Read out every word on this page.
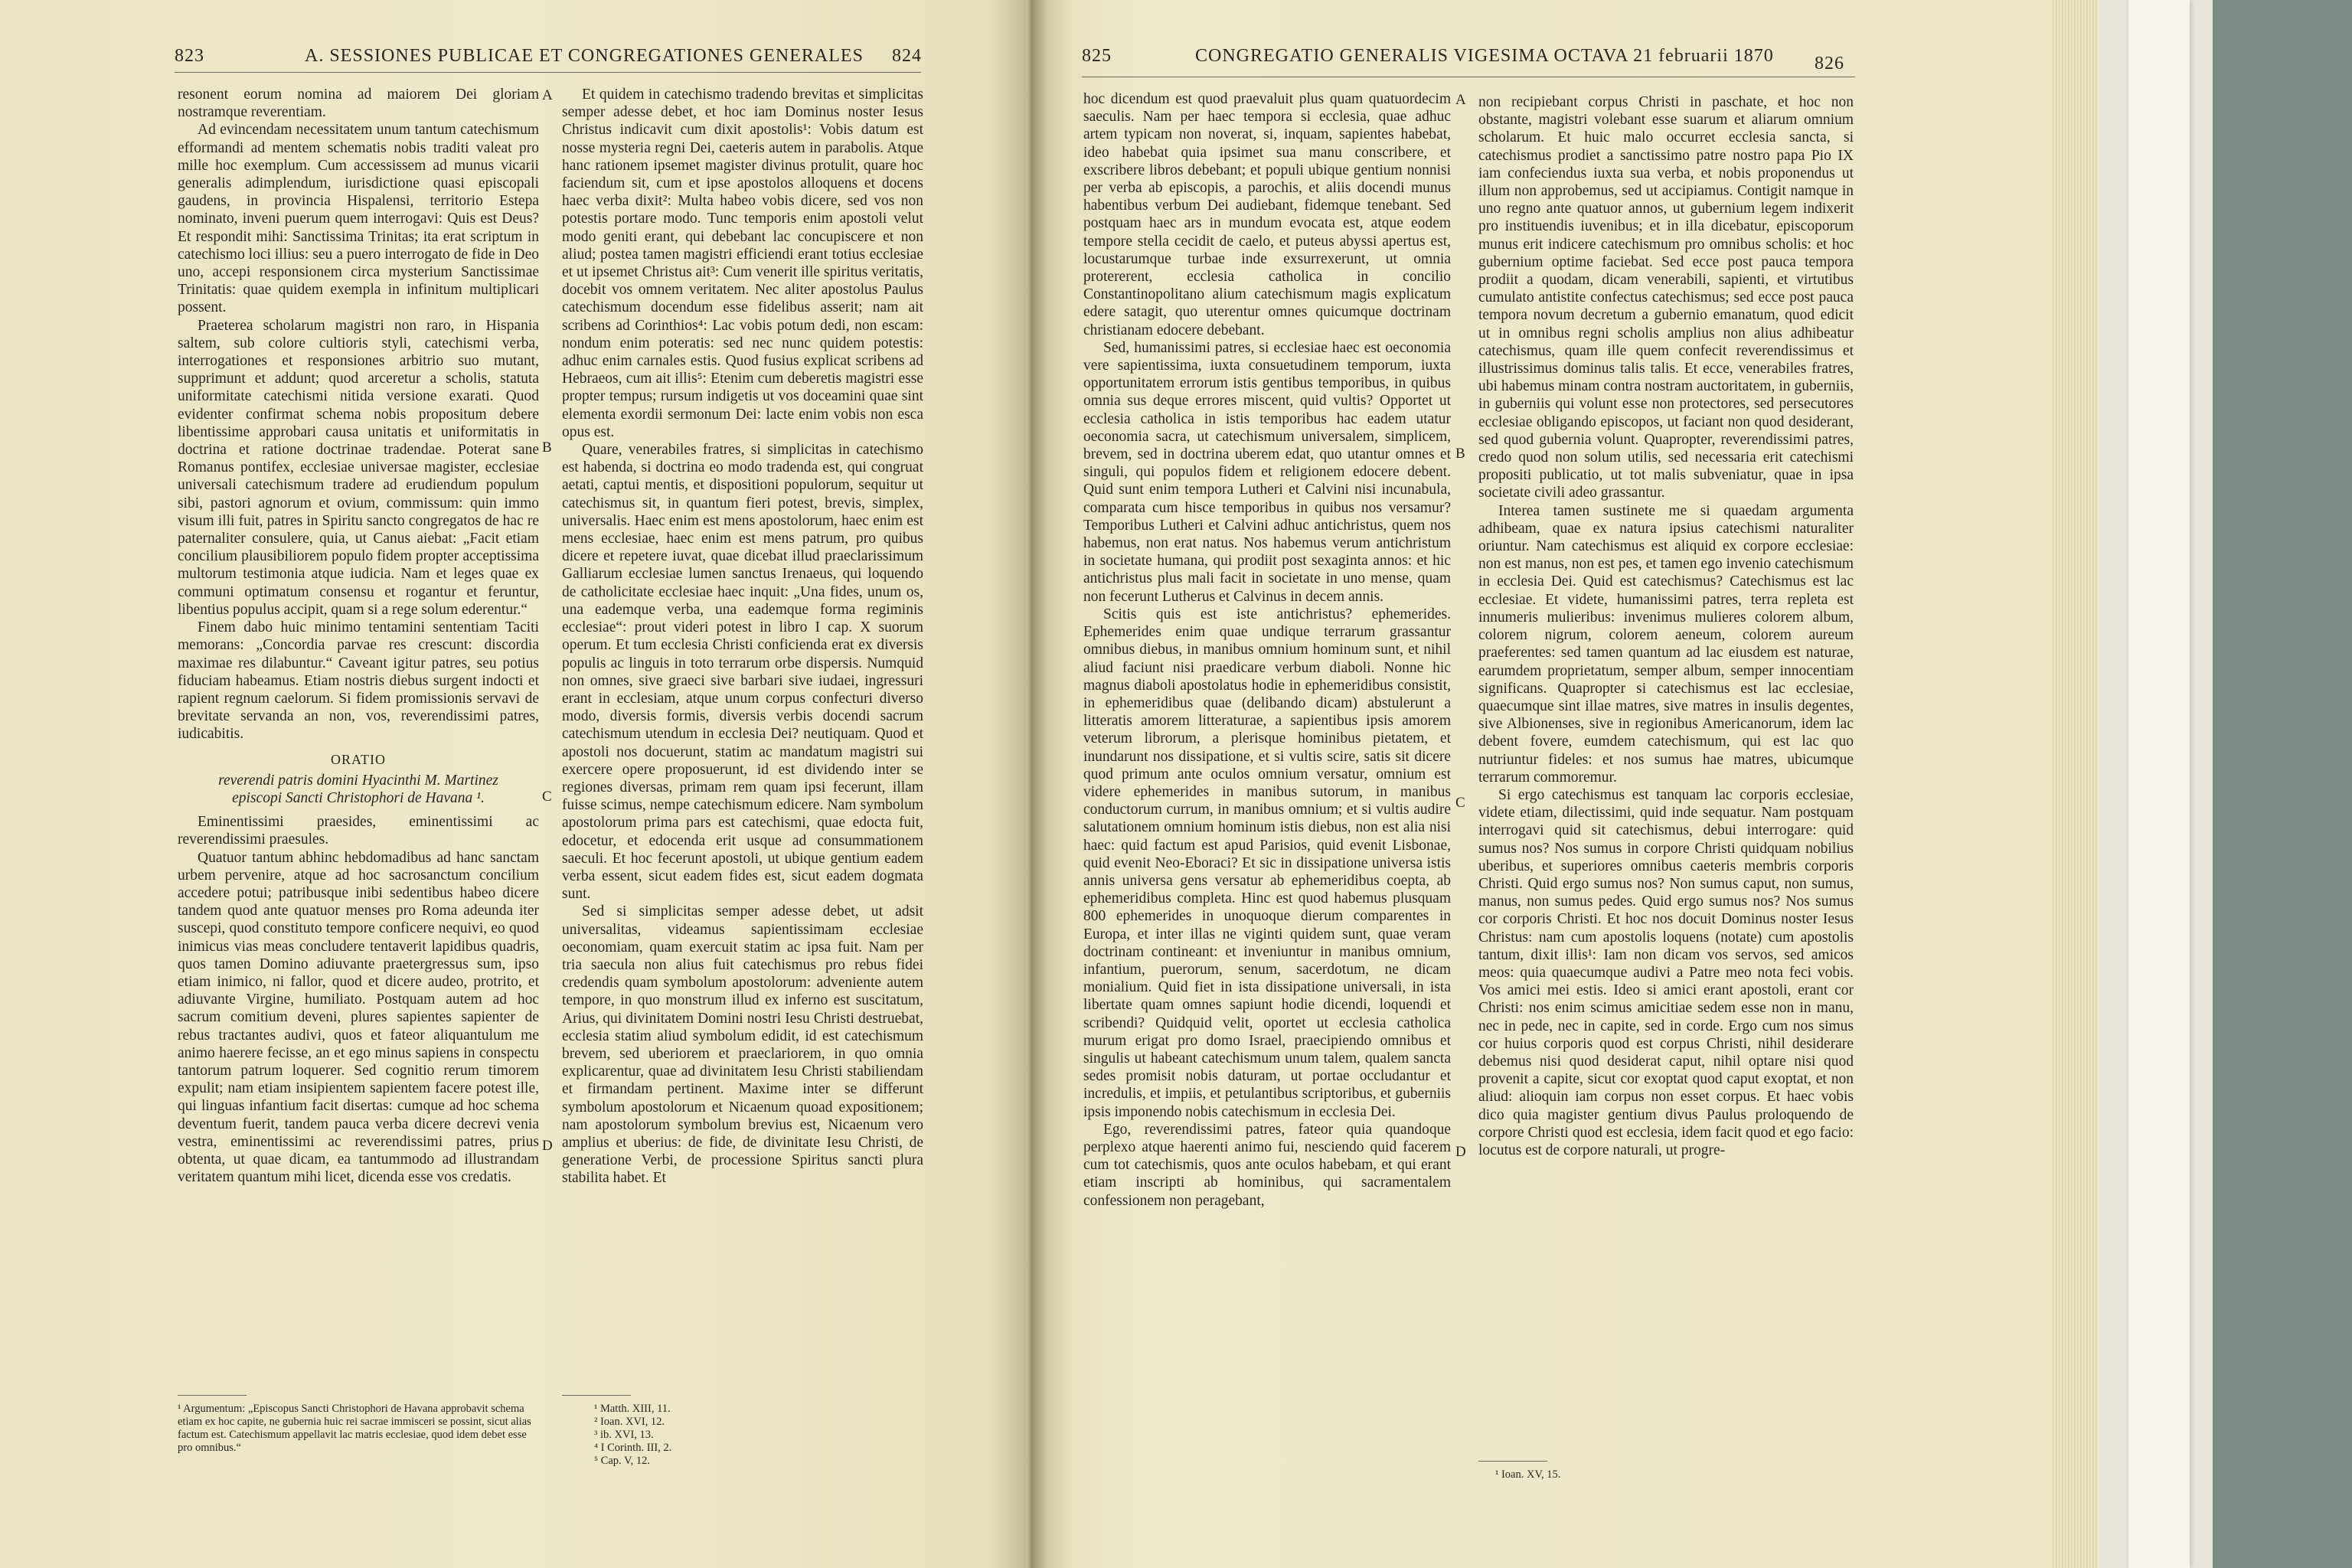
823	A. SESSIONES PUBLICAE ET CONGREGATIONES GENERALES 824

resonent eorum nomina ad maiorem Dei gloriam nostramque reverentiam.

Ad evincendam necessitatem unum tantum catechismum efformandi ad mentem schematis nobis traditi valeat pro mille hoc exemplum. Cum accessissem ad munus vicarii generalis adimplendum, iurisdictione quasi episcopali gaudens, in provincia Hispalensi, territorio Estepa nominato, inveni puerum quem interrogavi: Quis est Deus? Et respondit mihi: Sanctissima Trinitas; ita erat scriptum in catechismo loci illius: seu a puero interrogato de fide in Deo uno, accepi responsionem circa mysterium Sanctissimae Trinitatis: quae quidem exempla in infinitum multiplicari possent.

Praeterea scholarum magistri non raro, in Hispania saltem, sub colore cultioris styli, catechismi verba, interrogationes et responsiones arbitrio suo mutant, supprimunt et addunt; quod arceretur a scholis, statuta uniformitate catechismi nitida versione exarati. Quod evidenter confirmat schema nobis propositum debere libentissime approbari causa unitatis et uniformitatis in doctrina et ratione doctrinae tradendae. Poterat sane Romanus pontifex, ecclesiae universae magister, ecclesiae universali catechismum tradere ad erudiendum populum sibi, pastori agnorum et ovium, commissum: quin immo visum illi fuit, patres in Spiritu sancto congregatos de hac re paternaliter consulere, quia, ut Canus aiebat: „Facit etiam concilium plausibiliorem populo fidem propter acceptissima multorum testimonia atque iudicia. Nam et leges quae ex communi optimatum consensu et rogantur et feruntur, libentius populus accipit, quam si a rege solum ederentur.“

Finem dabo huic minimo tentamini sententiam Taciti memorans: „Concordia parvae res crescunt: discordia maximae res dilabuntur.“ Caveant igitur patres, seu potius fiduciam habeamus. Etiam nostris diebus surgent indocti et rapient regnum caelorum. Si fidem promissionis servavi de brevitate servanda an non, vos, reverendissimi patres, iudicabitis.

ORATIO

reverendi patris domini Hyacinthi M. Martinez episcopi Sancti Christophori de Havana ¹.

Eminentissimi praesides, eminentissimi ac reverendissimi praesules.

Quatuor tantum abhinc hebdomadibus ad hanc sanctam urbem pervenire, atque ad hoc sacrosanctum concilium accedere potui; patribusque inibi sedentibus habeo dicere tandem quod ante quatuor menses pro Roma adeunda iter suscepi, quod constituto tempore conficere nequivi, eo quod inimicus vias meas concludere tentaverit lapidibus quadris, quos tamen Domino adiuvante praetergressus sum, ipso etiam inimico, ni fallor, quod et dicere audeo, protrito, et adiuvante Virgine, humiliato. Postquam autem ad hoc sacrum comitium deveni, plures sapientes sapienter de rebus tractantes audivi, quos et fateor aliquantulum me animo haerere fecisse, an et ego minus sapiens in conspectu tantorum patrum loquerer. Sed cognitio rerum timorem expulit; nam etiam insipientem sapientem facere potest ille, qui linguas infantium facit disertas: cumque ad hoc schema deventum fuerit, tandem pauca verba dicere decrevi venia vestra, eminentissimi ac reverendissimi patres, prius obtenta, ut quae dicam, ea tantummodo ad illustrandam veritatem quantum mihi licet, dicenda esse vos credatis.

¹ Argumentum: „Episcopus Sancti Christophori de Havana approbavit schema etiam ex hoc capite, ne gubernia huic rei sacrae immisceri se possint, sicut alias factum est. Catechismum appellavit lac matris ecclesiae, quod idem debet esse pro omnibus.“
A
B
C
D

Et quidem in catechismo tradendo brevitas et simplicitas semper adesse debet, et hoc iam Dominus noster Iesus Christus indicavit cum dixit apostolis¹: Vobis datum est nosse mysteria regni Dei, caeteris autem in parabolis. Atque hanc rationem ipsemet magister divinus protulit, quare hoc faciendum sit, cum et ipse apostolos alloquens et docens haec verba dixit²: Multa habeo vobis dicere, sed vos non potestis portare modo. Tunc temporis enim apostoli velut modo geniti erant, qui debebant lac concupiscere et non aliud; postea tamen magistri efficiendi erant totius ecclesiae et ut ipsemet Christus ait³: Cum venerit ille spiritus veritatis, docebit vos omnem veritatem. Nec aliter apostolus Paulus catechismum docendum esse fidelibus asserit; nam ait scribens ad Corinthios⁴: Lac vobis potum dedi, non escam: nondum enim poteratis: sed nec nunc quidem potestis: adhuc enim carnales estis. Quod fusius explicat scribens ad Hebraeos, cum ait illis⁵: Etenim cum deberetis magistri esse propter tempus; rursum indigetis ut vos doceamini quae sint elementa exordii sermonum Dei: lacte enim vobis non esca opus est.

Quare, venerabiles fratres, si simplicitas in catechismo est habenda, si doctrina eo modo tradenda est, qui congruat aetati, captui mentis, et dispositioni populorum, sequitur ut catechismus sit, in quantum fieri potest, brevis, simplex, universalis. Haec enim est mens apostolorum, haec enim est mens ecclesiae, haec enim est mens patrum, pro quibus dicere et repetere iuvat, quae dicebat illud praeclarissimum Galliarum ecclesiae lumen sanctus Irenaeus, qui loquendo de catholicitate ecclesiae haec inquit: „Una fides, unum os, una eademque verba, una eademque forma regiminis ecclesiae“: prout videri potest in libro I cap. X suorum operum. Et tum ecclesia Christi conficienda erat ex diversis populis ac linguis in toto terrarum orbe dispersis. Numquid non omnes, sive graeci sive barbari sive iudaei, ingressuri erant in ecclesiam, atque unum corpus confecturi diverso modo, diversis formis, diversis verbis docendi sacrum catechismum utendum in ecclesia Dei? neutiquam. Quod et apostoli nos docuerunt, statim ac mandatum magistri sui exercere opere proposuerunt, id est dividendo inter se regiones diversas, primam rem quam ipsi fecerunt, illam fuisse scimus, nempe catechismum edicere. Nam symbolum apostolorum prima pars est catechismi, quae edocta fuit, edocetur, et edocenda erit usque ad consummationem saeculi. Et hoc fecerunt apostoli, ut ubique gentium eadem verba essent, sicut eadem fides est, sicut eadem dogmata sunt.

Sed si simplicitas semper adesse debet, ut adsit universalitas, videamus sapientissimam ecclesiae oeconomiam, quam exercuit statim ac ipsa fuit. Nam per tria saecula non alius fuit catechismus pro rebus fidei credendis quam symbolum apostolorum: adveniente autem tempore, in quo monstrum illud ex inferno est suscitatum, Arius, qui divinitatem Domini nostri Iesu Christi destruebat, ecclesia statim aliud symbolum edidit, id est catechismum brevem, sed uberiorem et praeclariorem, in quo omnia explicarentur, quae ad divinitatem Iesu Christi stabiliendam et firmandam pertinent. Maxime inter se differunt symbolum apostolorum et Nicaenum quoad expositionem; nam apostolorum symbolum brevius est, Nicaenum vero amplius et uberius: de fide, de divinitate Iesu Christi, de generatione Verbi, de processione Spiritus sancti plura stabilita habet. Et

¹ Matth. XIII, 11.
² Ioan. XVI, 12.
³ ib. XVI, 13.
⁴ I Corinth. III, 2.
⁵ Cap. V, 12.
825	CONGREGATIO GENERALIS VIGESIMA OCTAVA 21 februarii 1870 826

hoc dicendum est quod praevaluit plus quam quatuordecim saeculis. Nam per haec tempora si ecclesia, quae adhuc artem typicam non noverat, si, inquam, sapientes habebat, ideo habebat quia ipsimet sua manu conscribere, et exscribere libros debebant; et populi ubique gentium nonnisi per verba ab episcopis, a parochis, et aliis docendi munus habentibus verbum Dei audiebant, fidemque tenebant. Sed postquam haec ars in mundum evocata est, atque eodem tempore stella cecidit de caelo, et puteus abyssi apertus est, locustarumque turbae inde exsurrexerunt, ut omnia protererent, ecclesia catholica in concilio Constantinopolitano alium catechismum magis explicatum edere satagit, quo uterentur omnes quicumque doctrinam christianam edocere debebant.

Sed, humanissimi patres, si ecclesiae haec est oeconomia vere sapientissima, iuxta consuetudinem temporum, iuxta opportunitatem errorum istis gentibus temporibus, in quibus omnia sus deque errores miscent, quid vultis? Opportet ut ecclesia catholica in istis temporibus hac eadem utatur oeconomia sacra, ut catechismum universalem, simplicem, brevem, sed in doctrina uberem edat, quo utantur omnes et singuli, qui populos fidem et religionem edocere debent. Quid sunt enim tempora Lutheri et Calvini nisi incunabula, comparata cum hisce temporibus in quibus nos versamur? Temporibus Lutheri et Calvini adhuc antichristus, quem nos habemus, non erat natus. Nos habemus verum antichristum in societate humana, qui prodiit post sexaginta annos: et hic antichristus plus mali facit in societate in uno mense, quam non fecerunt Lutherus et Calvinus in decem annis.

Scitis quis est iste antichristus? ephemerides. Ephemerides enim quae undique terrarum grassantur omnibus diebus, in manibus omnium hominum sunt, et nihil aliud faciunt nisi praedicare verbum diaboli. Nonne hic magnus diaboli apostolatus hodie in ephemeridibus consistit, in ephemeridibus quae (delibando dicam) abstulerunt a litteratis amorem litteraturae, a sapientibus ipsis amorem veterum librorum, a plerisque hominibus pietatem, et inundarunt nos dissipatione, et si vultis scire, satis sit dicere quod primum ante oculos omnium versatur, omnium est videre ephemerides in manibus sutorum, in manibus conductorum currum, in manibus omnium; et si vultis audire salutationem omnium hominum istis diebus, non est alia nisi haec: quid factum est apud Parisios, quid evenit Lisbonae, quid evenit Neo-Eboraci? Et sic in dissipatione universa istis annis universa gens versatur ab ephemeridibus coepta, ab ephemeridibus completa. Hinc est quod habemus plusquam 800 ephemerides in unoquoque dierum comparentes in Europa, et inter illas ne viginti quidem sunt, quae veram doctrinam contineant: et inveniuntur in manibus omnium, infantium, puerorum, senum, sacerdotum, ne dicam monialium. Quid fiet in ista dissipatione universali, in ista libertate quam omnes sapiunt hodie dicendi, loquendi et scribendi? Quidquid velit, oportet ut ecclesia catholica murum erigat pro domo Israel, praecipiendo omnibus et singulis ut habeant catechismum unum talem, qualem sancta sedes promisit nobis daturam, ut portae occludantur et incredulis, et impiis, et petulantibus scriptoribus, et guberniis ipsis imponendo nobis catechismum in ecclesia Dei.

Ego, reverendissimi patres, fateor quia quandoque perplexo atque haerenti animo fui, nesciendo quid facerem cum tot catechismis, quos ante oculos habebam, et qui erant etiam inscripti ab hominibus, qui sacramentalem confessionem non peragebant,

A
B
C
D

non recipiebant corpus Christi in paschate, et hoc non obstante, magistri volebant esse suarum et aliarum omnium scholarum. Et huic malo occurret ecclesia sancta, si catechismus prodiet a sanctissimo patre nostro papa Pio IX iam confeciendus iuxta sua verba, et nobis proponendus ut illum non approbemus, sed ut accipiamus. Contigit namque in uno regno ante quatuor annos, ut gubernium legem indixerit pro instituendis iuvenibus; et in illa dicebatur, episcoporum munus erit indicere catechismum pro omnibus scholis: et hoc gubernium optime faciebat. Sed ecce post pauca tempora prodiit a quodam, dicam venerabili, sapienti, et virtutibus cumulato antistite confectus catechismus; sed ecce post pauca tempora novum decretum a gubernio emanatum, quod edicit ut in omnibus regni scholis amplius non alius adhibeatur catechismus, quam ille quem confecit reverendissimus et illustrissimus dominus talis talis. Et ecce, venerabiles fratres, ubi habemus minam contra nostram auctoritatem, in guberniis, in guberniis qui volunt esse non protectores, sed persecutores ecclesiae obligando episcopos, ut faciant non quod desiderant, sed quod gubernia volunt. Quapropter, reverendissimi patres, credo quod non solum utilis, sed necessaria erit catechismi propositi publicatio, ut tot malis subveniatur, quae in ipsa societate civili adeo grassantur.

Interea tamen sustinete me si quaedam argumenta adhibeam, quae ex natura ipsius catechismi naturaliter oriuntur. Nam catechismus est aliquid ex corpore ecclesiae: non est manus, non est pes, et tamen ego invenio catechismum in ecclesia Dei. Quid est catechismus? Catechismus est lac ecclesiae. Et videte, humanissimi patres, terra repleta est innumeris mulieribus: invenimus mulieres colorem album, colorem nigrum, colorem aeneum, colorem aureum praeferentes: sed tamen quantum ad lac eiusdem est naturae, earumdem proprietatum, semper album, semper innocentiam significans. Quapropter si catechismus est lac ecclesiae, quaecumque sint illae matres, sive matres in insulis degentes, sive Albionenses, sive in regionibus Americanorum, idem lac debent fovere, eumdem catechismum, qui est lac quo nutriuntur fideles: et nos sumus hae matres, ubicumque terrarum commoremur.

Si ergo catechismus est tanquam lac corporis ecclesiae, videte etiam, dilectissimi, quid inde sequatur. Nam postquam interrogavi quid sit catechismus, debui interrogare: quid sumus nos? Nos sumus in corpore Christi quidquam nobilius uberibus, et superiores omnibus caeteris membris corporis Christi. Quid ergo sumus nos? Non sumus caput, non sumus, manus, non sumus pedes. Quid ergo sumus nos? Nos sumus cor corporis Christi. Et hoc nos docuit Dominus noster Iesus Christus: nam cum apostolis loquens (notate) cum apostolis tantum, dixit illis¹: Iam non dicam vos servos, sed amicos meos: quia quaecumque audivi a Patre meo nota feci vobis. Vos amici mei estis. Ideo si amici erant apostoli, erant cor Christi: nos enim scimus amicitiae sedem esse non in manu, nec in pede, nec in capite, sed in corde. Ergo cum nos simus cor huius corporis quod est corpus Christi, nihil desiderare debemus nisi quod desiderat caput, nihil optare nisi quod provenit a capite, sicut cor exoptat quod caput exoptat, et non aliud: alioquin iam corpus non esset corpus. Et haec vobis dico quia magister gentium divus Paulus proloquendo de corpore Christi quod est ecclesia, idem facit quod et ego facio: locutus est de corpore naturali, ut progre-

¹ Ioan. XV, 15.
